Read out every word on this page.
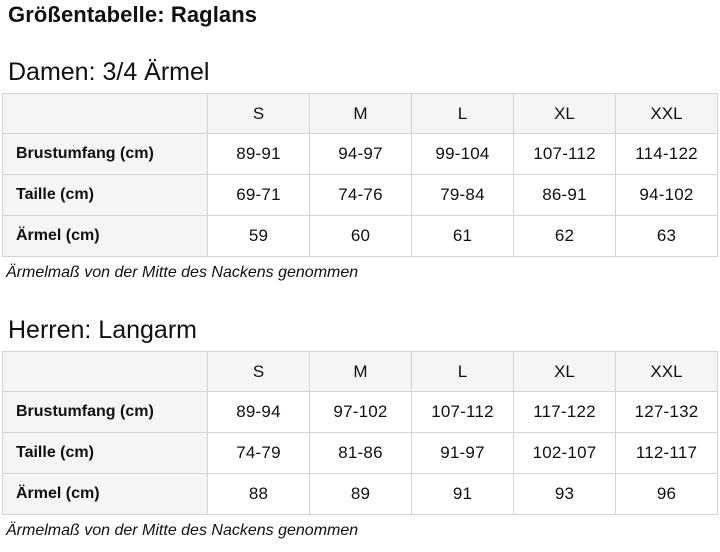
Größentabelle: Raglans
Damen: 3/4 Ärmel
	S	M	L	XL	XXL
Brustumfang (cm)	89-91	94-97	99-104	107-112	114-122
Taille (cm)	69-71	74-76	79-84	86-91	94-102
Ärmel (cm)	59	60	61	62	63

Ärmelmaß von der Mitte des Nackens genommen

Herren: Langarm
	S	M	L	XL	XXL
Brustumfang (cm)	89-94	97-102	107-112	117-122	127-132
Taille (cm)	74-79	81-86	91-97	102-107	112-117
Ärmel (cm)	88	89	91	93	96

Ärmelmaß von der Mitte des Nackens genommen
